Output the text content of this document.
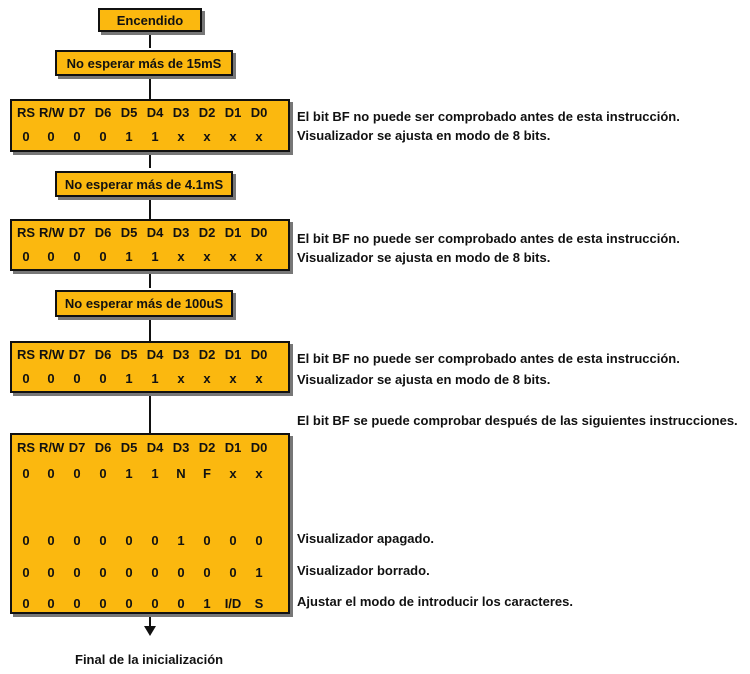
Encendido
No esperar más de 15mS
No esperar más de 4.1mS
No esperar más de 100uS
RS R/W D7 D6 D5 D4 D3 D2 D1 D0
0	0	0	0	1	1	x	x	x	x
RS R/W D7 D6 D5 D4 D3 D2 D1 D0
0	0	0	0	1	1	x	x	x	x
RS R/W D7 D6 D5 D4 D3 D2 D1 D0
0	0	0	0	1	1	x	x	x	x
RS R/W D7 D6 D5 D4 D3 D2 D1 D0
0	0	0	0	1	1	N	F	x	x
0	0	0	0	0	0	1	0	0	0
0	0	0	0	0	0	0	0	0	1
0	0	0	0	0	0	0	1	I/D	S
El bit BF no puede ser comprobado antes de esta instrucción.
Visualizador se ajusta en modo de 8 bits.
El bit BF no puede ser comprobado antes de esta instrucción.
Visualizador se ajusta en modo de 8 bits.
El bit BF no puede ser comprobado antes de esta instrucción.
Visualizador se ajusta en modo de 8 bits.
El bit BF se puede comprobar después de las siguientes instrucciones.
Visualizador apagado.
Visualizador borrado.
Ajustar el modo de introducir los caracteres.
Final de la inicialización
